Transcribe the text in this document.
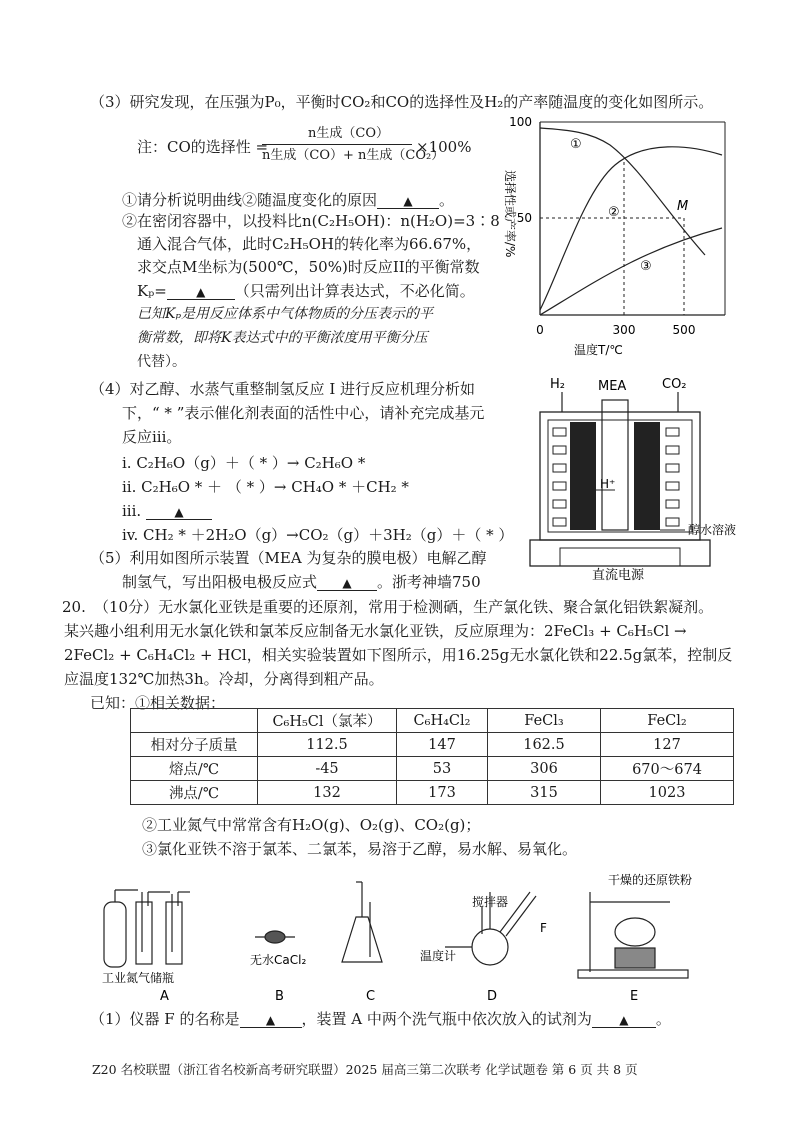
（3）研究发现，在压强为P₀，平衡时CO₂和CO的选择性及H₂的产率随温度的变化如图所示。
注：CO的选择性 =
n生成（CO）
n生成（CO）+ n生成（CO₂）
×100%
①请分析说明曲线②随温度变化的原因 ▲ 。
②在密闭容器中，以投料比n(C₂H₅OH)：n(H₂O)=3∶8
通入混合气体，此时C₂H₅OH的转化率为66.67%，
求交点M坐标为(500℃，50%)时反应II的平衡常数
Kₚ= ▲ （只需列出计算表达式，不必化简。
已知Kₚ是用反应体系中气体物质的分压表示的平
衡常数，即将K表达式中的平衡浓度用平衡分压
代替）。
100
50
0	300	500
①
②
③
M
温度T/℃
选择性或产率/%
（4）对乙醇、水蒸气重整制氢反应 I 进行反应机理分析如
下，“ * ”表示催化剂表面的活性中心，请补充完成基元
反应iii。
i. C₂H₆O（g）＋（ * ）→ C₂H₆O *
ii. C₂H₆O * ＋ （ * ）→ CH₄O * ＋CH₂ *
iii.	▲
iv. CH₂ * ＋2H₂O（g）→CO₂（g）＋3H₂（g）＋（ * ）
H₂	MEA	CO₂
H⁺
醇水溶液
直流电源
（5）利用如图所示装置（MEA 为复杂的膜电极）电解乙醇
制氢气，写出阳极电极反应式 ▲ 。浙考神墙750
20. （10分）无水氯化亚铁是重要的还原剂，常用于检测硒，生产氯化铁、聚合氯化铝铁絮凝剂。
某兴趣小组利用无水氯化铁和氯苯反应制备无水氯化亚铁，反应原理为：2FeCl₃ + C₆H₅Cl →
2FeCl₂ + C₆H₄Cl₂ + HCl，相关实验装置如下图所示，用16.25g无水氯化铁和22.5g氯苯，控制反
应温度132℃加热3h。冷却，分离得到粗产品。
已知：①相关数据：
	C₆H₅Cl（氯苯）	C₆H₄Cl₂	FeCl₃	FeCl₂
相对分子质量	112.5	147	162.5	127
熔点/℃	-45	53	306	670～674
沸点/℃	132	173	315	1023
②工业氮气中常常含有H₂O(g)、O₂(g)、CO₂(g)；
③氯化亚铁不溶于氯苯、二氯苯，易溶于乙醇，易水解、易氧化。
工业氮气储瓶
A
无水CaCl₂
B	C
搅拌器
F
温度计
D
干燥的还原铁粉
E
（1）仪器 F 的名称是 ▲ ，装置 A 中两个洗气瓶中依次放入的试剂为 ▲ 。
Z20 名校联盟（浙江省名校新高考研究联盟）2025 届高三第二次联考 化学试题卷 第 6 页 共 8 页
